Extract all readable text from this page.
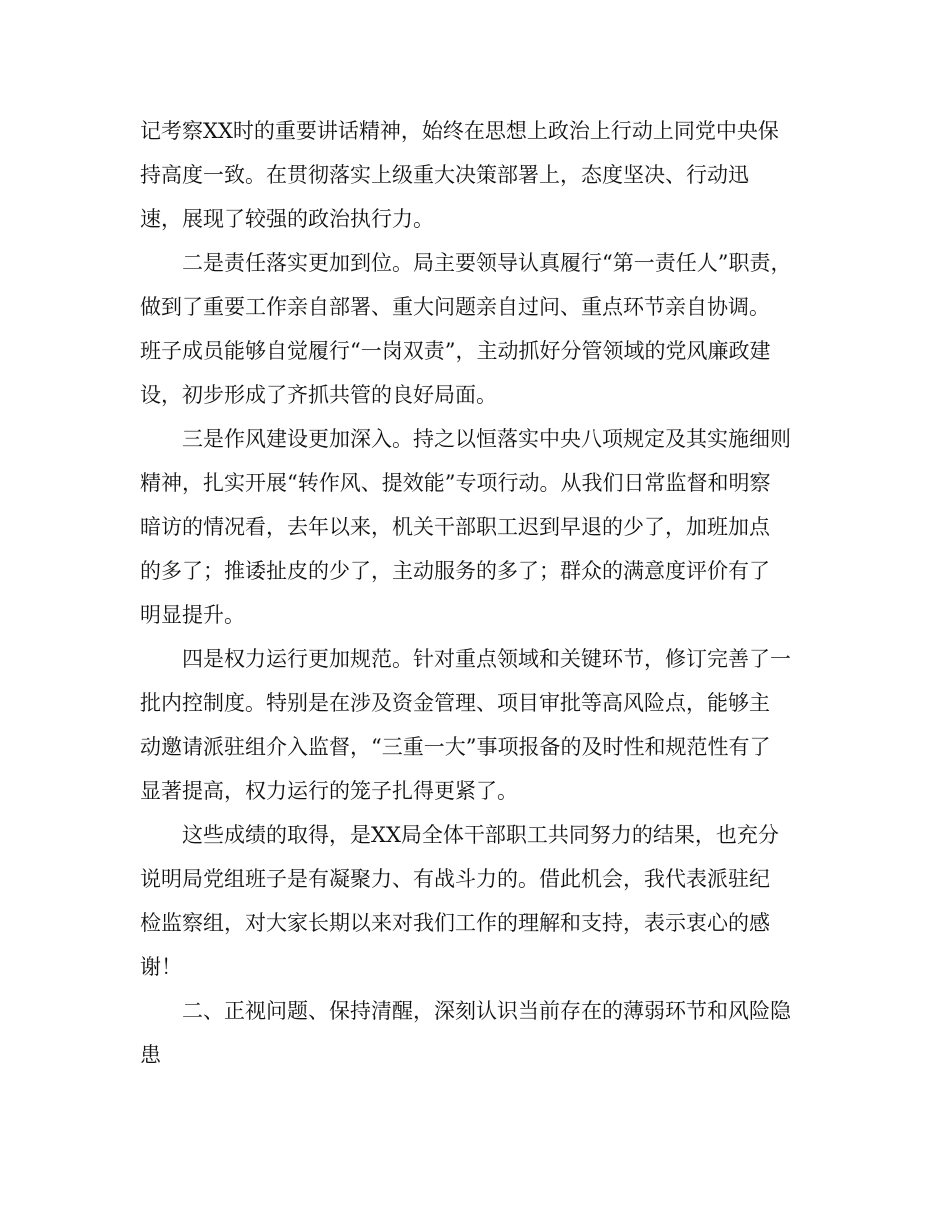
记考察XX时的重要讲话精神，始终在思想上政治上行动上同党中央保
持高度一致。在贯彻落实上级重大决策部署上，态度坚决、行动迅
速，展现了较强的政治执行力。
二是责任落实更加到位。局主要领导认真履行“第一责任人”职责，
做到了重要工作亲自部署、重大问题亲自过问、重点环节亲自协调。
班子成员能够自觉履行“一岗双责”，主动抓好分管领域的党风廉政建
设，初步形成了齐抓共管的良好局面。
三是作风建设更加深入。持之以恒落实中央八项规定及其实施细则
精神，扎实开展“转作风、提效能”专项行动。从我们日常监督和明察
暗访的情况看，去年以来，机关干部职工迟到早退的少了，加班加点
的多了；推诿扯皮的少了，主动服务的多了；群众的满意度评价有了
明显提升。
四是权力运行更加规范。针对重点领域和关键环节，修订完善了一
批内控制度。特别是在涉及资金管理、项目审批等高风险点，能够主
动邀请派驻组介入监督，“三重一大”事项报备的及时性和规范性有了
显著提高，权力运行的笼子扎得更紧了。
这些成绩的取得，是XX局全体干部职工共同努力的结果，也充分
说明局党组班子是有凝聚力、有战斗力的。借此机会，我代表派驻纪
检监察组，对大家长期以来对我们工作的理解和支持，表示衷心的感
谢！
二、正视问题、保持清醒，深刻认识当前存在的薄弱环节和风险隐
患
